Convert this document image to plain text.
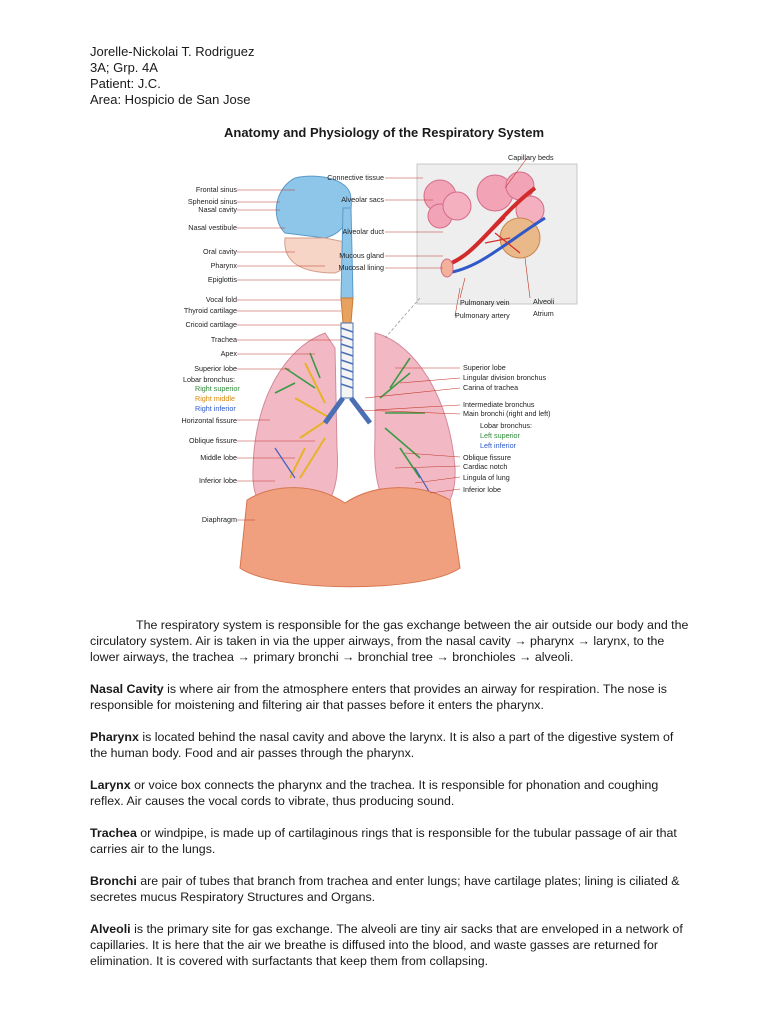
Jorelle-Nickolai T. Rodriguez
3A; Grp. 4A
Patient: J.C.
Area: Hospicio de San Jose
Anatomy and Physiology of the Respiratory System
Frontal sinus
Sphenoid sinus
Nasal cavity
Nasal vestibule
Oral cavity
Pharynx
Epiglottis
Vocal fold
Thyroid cartilage
Cricoid cartilage
Trachea
Apex
Superior lobe
Lobar bronchus:
Right superior
Right middle
Right inferior
Horizontal fissure
Oblique fissure
Middle lobe
Inferior lobe
Diaphragm
Connective tissue
Alveolar sacs
Alveolar duct
Mucous gland
Mucosal lining
Capillary beds
Pulmonary vein
Pulmonary artery
Alveoli
Atrium
Superior lobe
Lingular division bronchus
Carina of trachea
Intermediate bronchus
Main bronchi (right and left)
Lobar bronchus:
Left superior
Left inferior
Oblique fissure
Cardiac notch
Lingula of lung
Inferior lobe

The respiratory system is responsible for the gas exchange between the air outside our body and the circulatory system. Air is taken in via the upper airways, from the nasal cavity → pharynx → larynx, to the lower airways, the trachea → primary bronchi → bronchial tree → bronchioles → alveoli.

Nasal Cavity is where air from the atmosphere enters that provides an airway for respiration. The nose is responsible for moistening and filtering air that passes before it enters the pharynx.

Pharynx is located behind the nasal cavity and above the larynx. It is also a part of the digestive system of the human body. Food and air passes through the pharynx.

Larynx or voice box connects the pharynx and the trachea. It is responsible for phonation and coughing reflex. Air causes the vocal cords to vibrate, thus producing sound.

Trachea or windpipe, is made up of cartilaginous rings that is responsible for the tubular passage of air that carries air to the lungs.

Bronchi are pair of tubes that branch from trachea and enter lungs; have cartilage plates; lining is ciliated & secretes mucus Respiratory Structures and Organs.

Alveoli is the primary site for gas exchange. The alveoli are tiny air sacks that are enveloped in a network of capillaries. It is here that the air we breathe is diffused into the blood, and waste gasses are returned for elimination. It is covered with surfactants that keep them from collapsing.
